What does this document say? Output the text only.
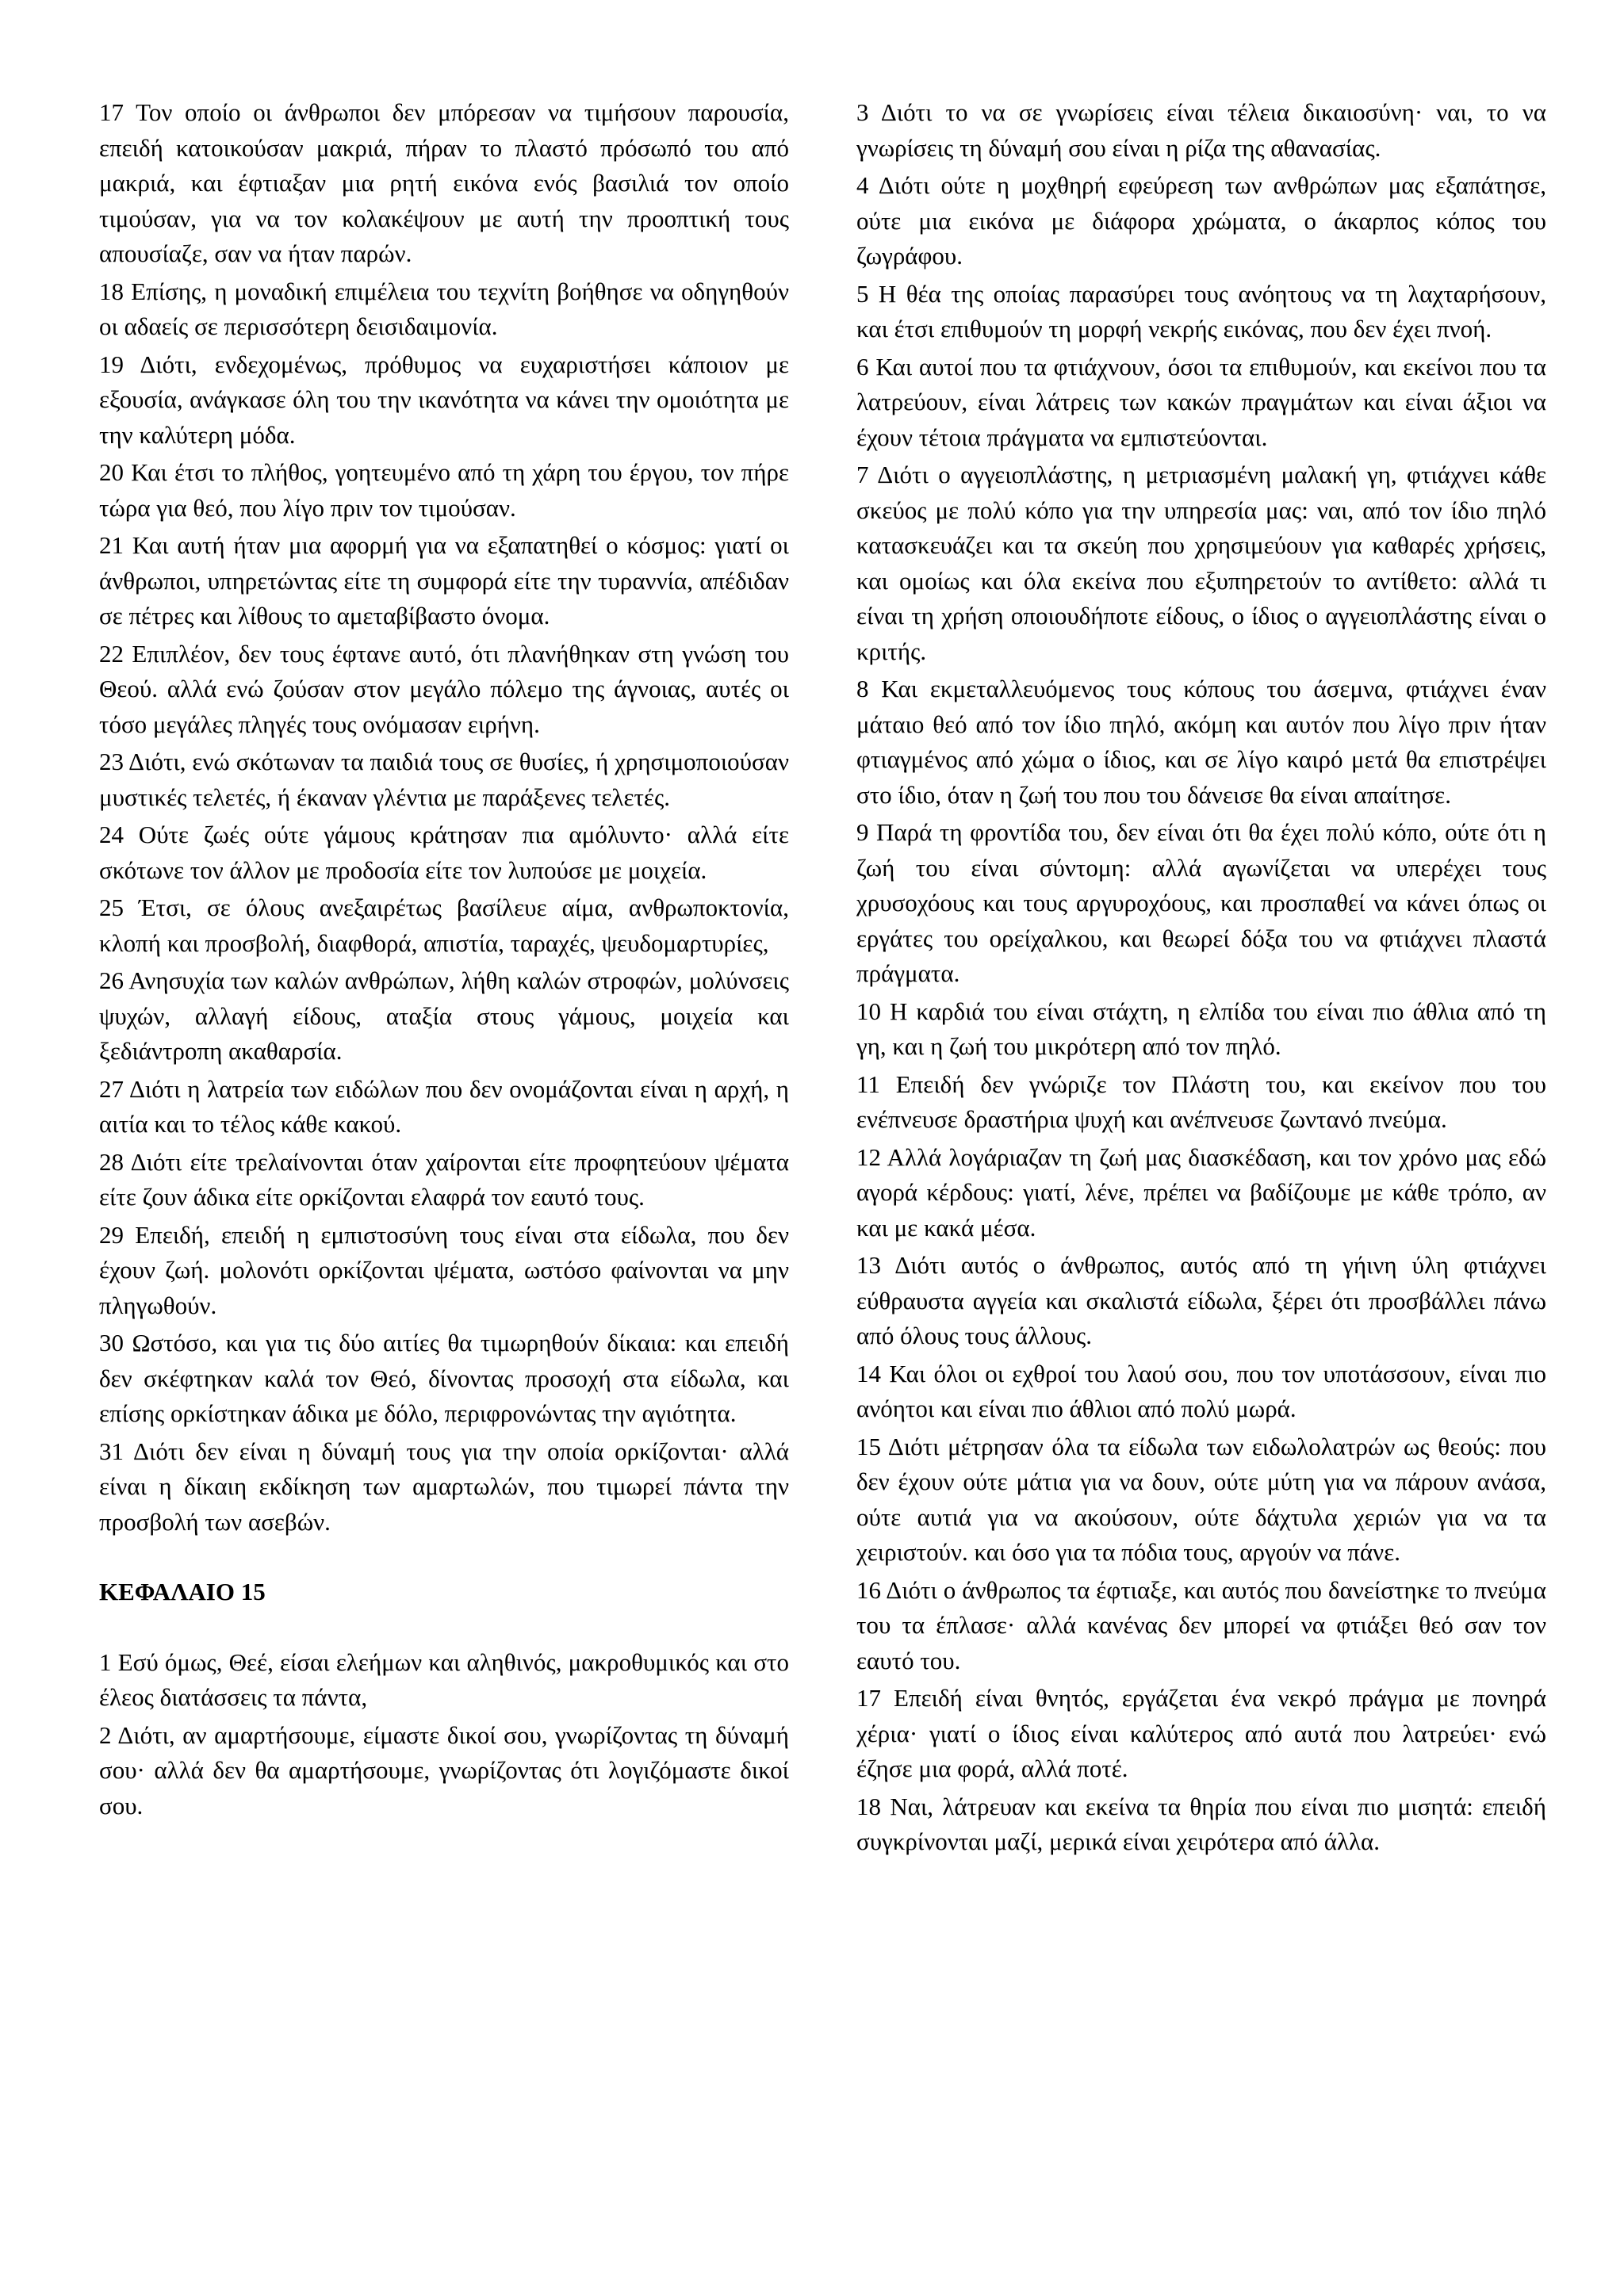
17 Τον οποίο οι άνθρωποι δεν μπόρεσαν να τιμήσουν παρουσία, επειδή κατοικούσαν μακριά, πήραν το πλαστό πρόσωπό του από μακριά, και έφτιαξαν μια ρητή εικόνα ενός βασιλιά τον οποίο τιμούσαν, για να τον κολακέψουν με αυτή την προοπτική τους απουσίαζε, σαν να ήταν παρών.

18 Επίσης, η μοναδική επιμέλεια του τεχνίτη βοήθησε να οδηγηθούν οι αδαείς σε περισσότερη δεισιδαιμονία.

19 Διότι, ενδεχομένως, πρόθυμος να ευχαριστήσει κάποιον με εξουσία, ανάγκασε όλη του την ικανότητα να κάνει την ομοιότητα με την καλύτερη μόδα.

20 Και έτσι το πλήθος, γοητευμένο από τη χάρη του έργου, τον πήρε τώρα για θεό, που λίγο πριν τον τιμούσαν.

21 Και αυτή ήταν μια αφορμή για να εξαπατηθεί ο κόσμος: γιατί οι άνθρωποι, υπηρετώντας είτε τη συμφορά είτε την τυραννία, απέδιδαν σε πέτρες και λίθους το αμεταβίβαστο όνομα.

22 Επιπλέον, δεν τους έφτανε αυτό, ότι πλανήθηκαν στη γνώση του Θεού. αλλά ενώ ζούσαν στον μεγάλο πόλεμο της άγνοιας, αυτές οι τόσο μεγάλες πληγές τους ονόμασαν ειρήνη.

23 Διότι, ενώ σκότωναν τα παιδιά τους σε θυσίες, ή χρησιμοποιούσαν μυστικές τελετές, ή έκαναν γλέντια με παράξενες τελετές.

24 Ούτε ζωές ούτε γάμους κράτησαν πια αμόλυντο· αλλά είτε σκότωνε τον άλλον με προδοσία είτε τον λυπούσε με μοιχεία.

25 Έτσι, σε όλους ανεξαιρέτως βασίλευε αίμα, ανθρωποκτονία, κλοπή και προσβολή, διαφθορά, απιστία, ταραχές, ψευδομαρτυρίες,

26 Ανησυχία των καλών ανθρώπων, λήθη καλών στροφών, μολύνσεις ψυχών, αλλαγή είδους, αταξία στους γάμους, μοιχεία και ξεδιάντροπη ακαθαρσία.

27 Διότι η λατρεία των ειδώλων που δεν ονομάζονται είναι η αρχή, η αιτία και το τέλος κάθε κακού.

28 Διότι είτε τρελαίνονται όταν χαίρονται είτε προφητεύουν ψέματα είτε ζουν άδικα είτε ορκίζονται ελαφρά τον εαυτό τους.

29 Επειδή, επειδή η εμπιστοσύνη τους είναι στα είδωλα, που δεν έχουν ζωή. μολονότι ορκίζονται ψέματα, ωστόσο φαίνονται να μην πληγωθούν.

30 Ωστόσο, και για τις δύο αιτίες θα τιμωρηθούν δίκαια: και επειδή δεν σκέφτηκαν καλά τον Θεό, δίνοντας προσοχή στα είδωλα, και επίσης ορκίστηκαν άδικα με δόλο, περιφρονώντας την αγιότητα.

31 Διότι δεν είναι η δύναμή τους για την οποία ορκίζονται· αλλά είναι η δίκαιη εκδίκηση των αμαρτωλών, που τιμωρεί πάντα την προσβολή των ασεβών.

ΚΕΦΑΛΑΙΟ 15

1 Εσύ όμως, Θεέ, είσαι ελεήμων και αληθινός, μακροθυμικός και στο έλεος διατάσσεις τα πάντα,

2 Διότι, αν αμαρτήσουμε, είμαστε δικοί σου, γνωρίζοντας τη δύναμή σου· αλλά δεν θα αμαρτήσουμε, γνωρίζοντας ότι λογιζόμαστε δικοί σου.

3 Διότι το να σε γνωρίσεις είναι τέλεια δικαιοσύνη· ναι, το να γνωρίσεις τη δύναμή σου είναι η ρίζα της αθανασίας.

4 Διότι ούτε η μοχθηρή εφεύρεση των ανθρώπων μας εξαπάτησε, ούτε μια εικόνα με διάφορα χρώματα, ο άκαρπος κόπος του ζωγράφου.

5 Η θέα της οποίας παρασύρει τους ανόητους να τη λαχταρήσουν, και έτσι επιθυμούν τη μορφή νεκρής εικόνας, που δεν έχει πνοή.

6 Και αυτοί που τα φτιάχνουν, όσοι τα επιθυμούν, και εκείνοι που τα λατρεύουν, είναι λάτρεις των κακών πραγμάτων και είναι άξιοι να έχουν τέτοια πράγματα να εμπιστεύονται.

7 Διότι ο αγγειοπλάστης, η μετριασμένη μαλακή γη, φτιάχνει κάθε σκεύος με πολύ κόπο για την υπηρεσία μας: ναι, από τον ίδιο πηλό κατασκευάζει και τα σκεύη που χρησιμεύουν για καθαρές χρήσεις, και ομοίως και όλα εκείνα που εξυπηρετούν το αντίθετο: αλλά τι είναι τη χρήση οποιουδήποτε είδους, ο ίδιος ο αγγειοπλάστης είναι ο κριτής.

8 Και εκμεταλλευόμενος τους κόπους του άσεμνα, φτιάχνει έναν μάταιο θεό από τον ίδιο πηλό, ακόμη και αυτόν που λίγο πριν ήταν φτιαγμένος από χώμα ο ίδιος, και σε λίγο καιρό μετά θα επιστρέψει στο ίδιο, όταν η ζωή του που του δάνεισε θα είναι απαίτησε.

9 Παρά τη φροντίδα του, δεν είναι ότι θα έχει πολύ κόπο, ούτε ότι η ζωή του είναι σύντομη: αλλά αγωνίζεται να υπερέχει τους χρυσοχόους και τους αργυροχόους, και προσπαθεί να κάνει όπως οι εργάτες του ορείχαλκου, και θεωρεί δόξα του να φτιάχνει πλαστά πράγματα.

10 Η καρδιά του είναι στάχτη, η ελπίδα του είναι πιο άθλια από τη γη, και η ζωή του μικρότερη από τον πηλό.

11 Επειδή δεν γνώριζε τον Πλάστη του, και εκείνον που του ενέπνευσε δραστήρια ψυχή και ανέπνευσε ζωντανό πνεύμα.

12 Αλλά λογάριαζαν τη ζωή μας διασκέδαση, και τον χρόνο μας εδώ αγορά κέρδους: γιατί, λένε, πρέπει να βαδίζουμε με κάθε τρόπο, αν και με κακά μέσα.

13 Διότι αυτός ο άνθρωπος, αυτός από τη γήινη ύλη φτιάχνει εύθραυστα αγγεία και σκαλιστά είδωλα, ξέρει ότι προσβάλλει πάνω από όλους τους άλλους.

14 Και όλοι οι εχθροί του λαού σου, που τον υποτάσσουν, είναι πιο ανόητοι και είναι πιο άθλιοι από πολύ μωρά.

15 Διότι μέτρησαν όλα τα είδωλα των ειδωλολατρών ως θεούς: που δεν έχουν ούτε μάτια για να δουν, ούτε μύτη για να πάρουν ανάσα, ούτε αυτιά για να ακούσουν, ούτε δάχτυλα χεριών για να τα χειριστούν. και όσο για τα πόδια τους, αργούν να πάνε.

16 Διότι ο άνθρωπος τα έφτιαξε, και αυτός που δανείστηκε το πνεύμα του τα έπλασε· αλλά κανένας δεν μπορεί να φτιάξει θεό σαν τον εαυτό του.

17 Επειδή είναι θνητός, εργάζεται ένα νεκρό πράγμα με πονηρά χέρια· γιατί ο ίδιος είναι καλύτερος από αυτά που λατρεύει· ενώ έζησε μια φορά, αλλά ποτέ.

18 Ναι, λάτρευαν και εκείνα τα θηρία που είναι πιο μισητά: επειδή συγκρίνονται μαζί, μερικά είναι χειρότερα από άλλα.
